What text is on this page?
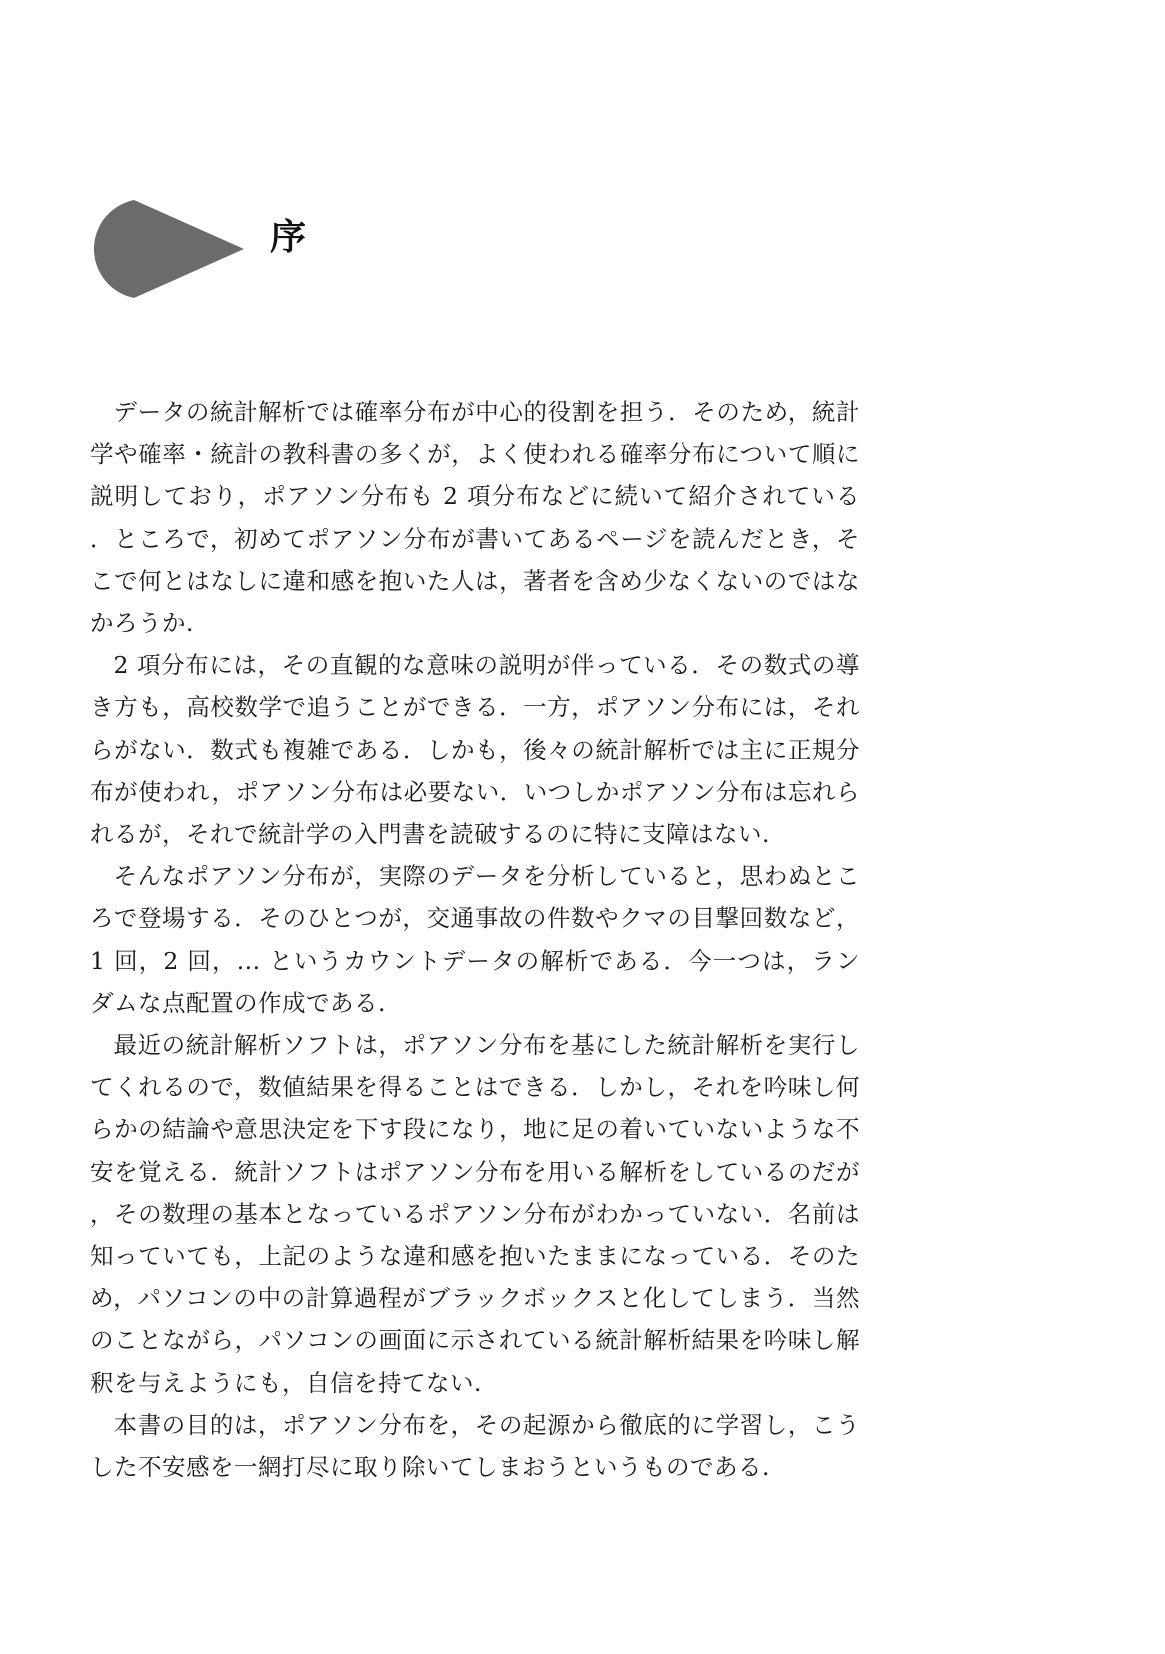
序

データの統計解析では確率分布が中心的役割を担う．そのため，統計学や確率・統計の教科書の多くが，よく使われる確率分布について順に説明しており，ポアソン分布も 2 項分布などに続いて紹介されている．ところで，初めてポアソン分布が書いてあるページを読んだとき，そこで何とはなしに違和感を抱いた人は，著者を含め少なくないのではなかろうか.

2 項分布には，その直観的な意味の説明が伴っている．その数式の導き方も，高校数学で追うことができる．一方，ポアソン分布には，それらがない．数式も複雑である．しかも，後々の統計解析では主に正規分布が使われ，ポアソン分布は必要ない．いつしかポアソン分布は忘れられるが，それで統計学の入門書を読破するのに特に支障はない.

そんなポアソン分布が，実際のデータを分析していると，思わぬところで登場する．そのひとつが，交通事故の件数やクマの目撃回数など，1 回，2 回，... というカウントデータの解析である．今一つは，ランダムな点配置の作成である.

最近の統計解析ソフトは，ポアソン分布を基にした統計解析を実行してくれるので，数値結果を得ることはできる．しかし，それを吟味し何らかの結論や意思決定を下す段になり，地に足の着いていないような不安を覚える．統計ソフトはポアソン分布を用いる解析をしているのだが，その数理の基本となっているポアソン分布がわかっていない．名前は知っていても，上記のような違和感を抱いたままになっている．そのため，パソコンの中の計算過程がブラックボックスと化してしまう．当然のことながら，パソコンの画面に示されている統計解析結果を吟味し解釈を与えようにも，自信を持てない.

本書の目的は，ポアソン分布を，その起源から徹底的に学習し，こうした不安感を一網打尽に取り除いてしまおうというものである.
